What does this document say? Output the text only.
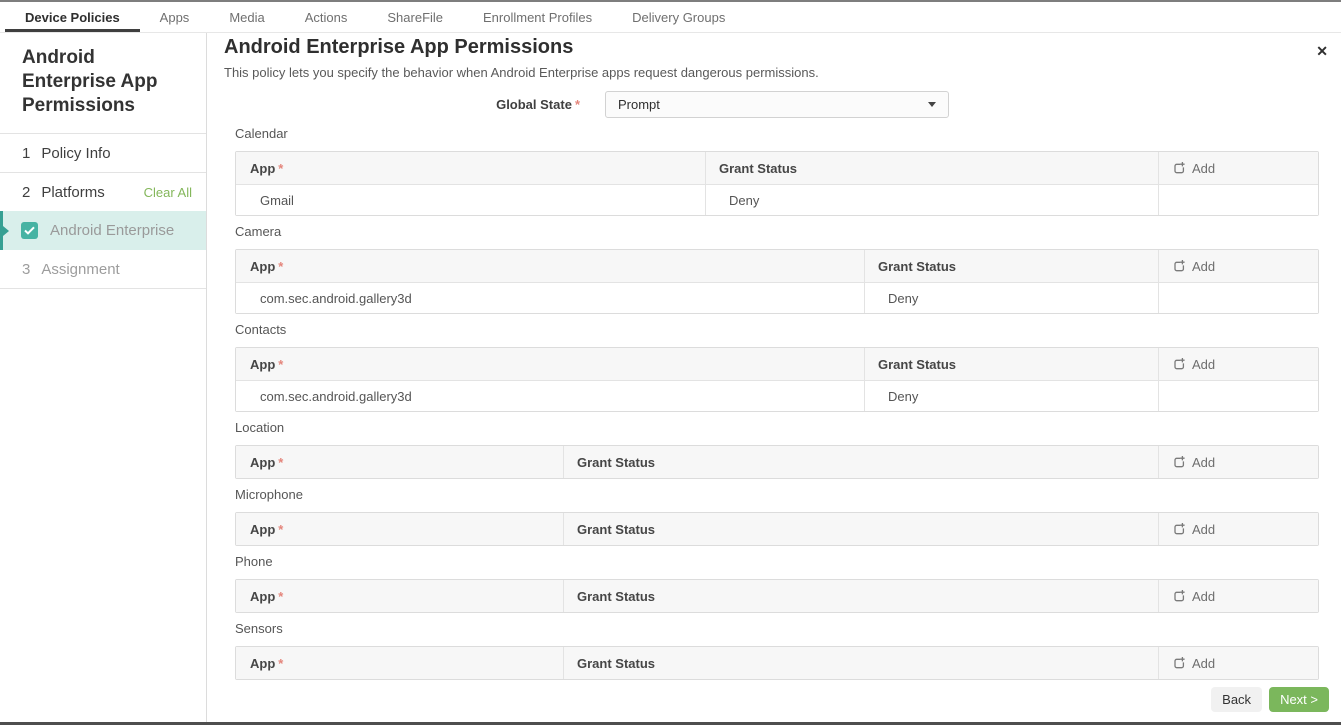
Device Policies	Apps	Media	Actions	ShareFile	Enrollment Profiles	Delivery Groups
Android Enterprise App Permissions
1 Policy Info
2 Platforms	Clear All
Android Enterprise
3 Assignment
✕
Android Enterprise App Permissions
This policy lets you specify the behavior when Android Enterprise apps request dangerous permissions.
Global State *	Prompt
Calendar
App *	Grant Status	Add
Gmail	Deny
Camera
App *	Grant Status	Add
com.sec.android.gallery3d	Deny
Contacts
App *	Grant Status	Add
com.sec.android.gallery3d	Deny
Location
App *	Grant Status	Add
Microphone
App *	Grant Status	Add
Phone
App *	Grant Status	Add
Sensors
App *	Grant Status	Add
Back	Next >
